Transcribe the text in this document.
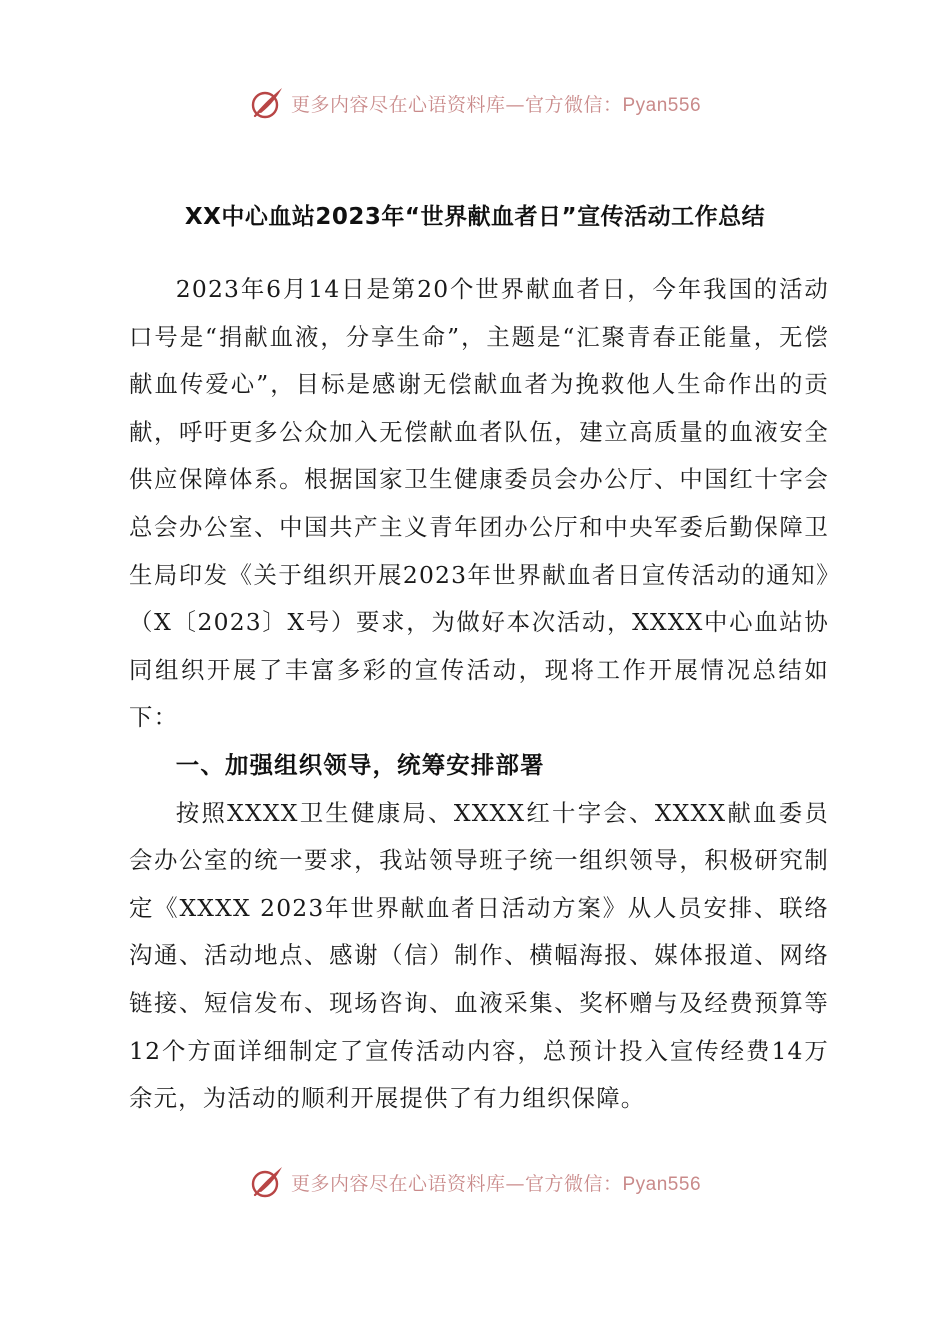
更多内容尽在心语资料库—官方微信：Pyan556
XX中心血站2023年“世界献血者日”宣传活动工作总结

2023年6月14日是第20个世界献血者日，今年我国的活动口号是“捐献血液，分享生命”，主题是“汇聚青春正能量，无偿献血传爱心”，目标是感谢无偿献血者为挽救他人生命作出的贡献，呼吁更多公众加入无偿献血者队伍，建立高质量的血液安全供应保障体系。根据国家卫生健康委员会办公厅、中国红十字会总会办公室、中国共产主义青年团办公厅和中央军委后勤保障卫生局印发《关于组织开展2023年世界献血者日宣传活动的通知》（X〔2023〕X号）要求，为做好本次活动，XXXX中心血站协同组织开展了丰富多彩的宣传活动，现将工作开展情况总结如下：

一、加强组织领导，统筹安排部署

按照XXXX卫生健康局、XXXX红十字会、XXXX献血委员会办公室的统一要求，我站领导班子统一组织领导，积极研究制定《XXXX 2023年世界献血者日活动方案》从人员安排、联络沟通、活动地点、感谢（信）制作、横幅海报、媒体报道、网络链接、短信发布、现场咨询、血液采集、奖杯赠与及经费预算等12个方面详细制定了宣传活动内容，总预计投入宣传经费14万余元，为活动的顺利开展提供了有力组织保障。

更多内容尽在心语资料库—官方微信：Pyan556
